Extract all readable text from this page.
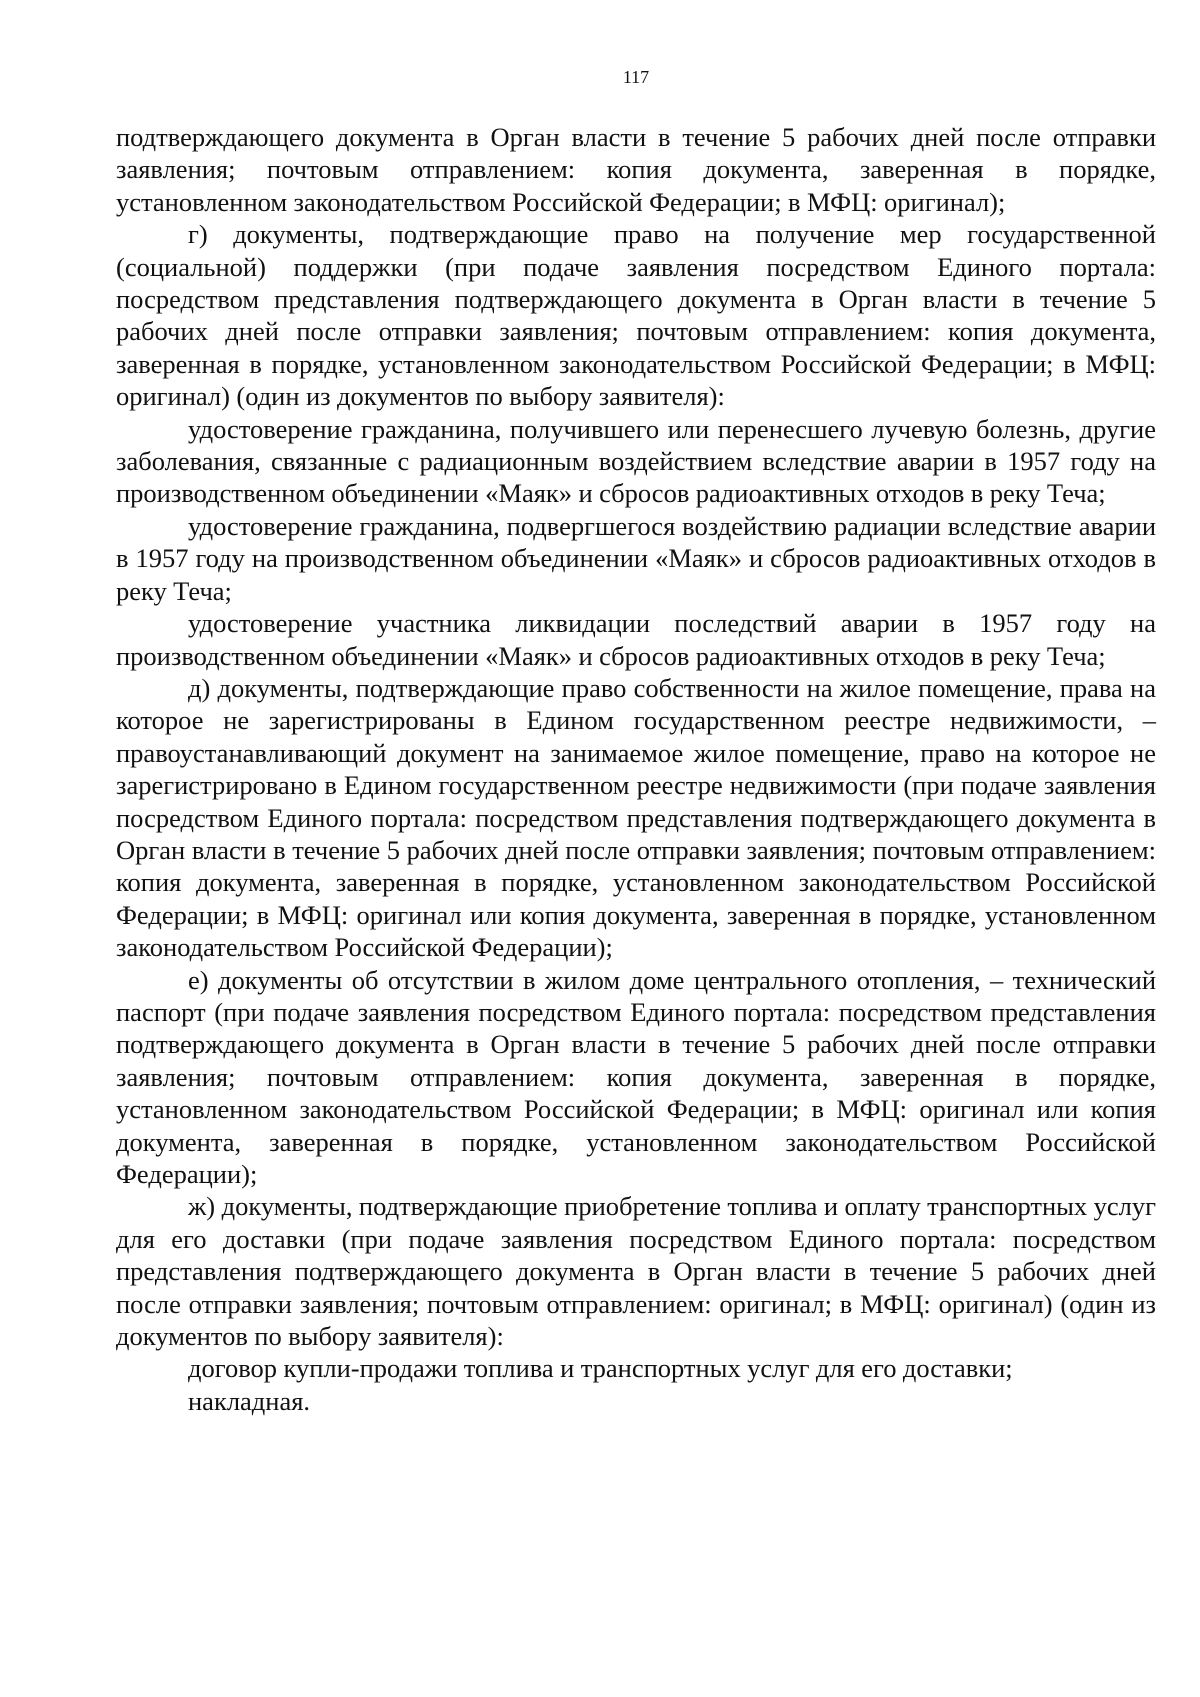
117

подтверждающего документа в Орган власти в течение 5 рабочих дней после отправки заявления; почтовым отправлением: копия документа, заверенная в порядке, установленном законодательством Российской Федерации; в МФЦ: оригинал);

г) документы, подтверждающие право на получение мер государственной (социальной) поддержки (при подаче заявления посредством Единого портала: посредством представления подтверждающего документа в Орган власти в течение 5 рабочих дней после отправки заявления; почтовым отправлением: копия документа, заверенная в порядке, установленном законодательством Российской Федерации; в МФЦ: оригинал) (один из документов по выбору заявителя):

удостоверение гражданина, получившего или перенесшего лучевую болезнь, другие заболевания, связанные с радиационным воздействием вследствие аварии в 1957 году на производственном объединении «Маяк» и сбросов радиоактивных отходов в реку Теча;

удостоверение гражданина, подвергшегося воздействию радиации вследствие аварии в 1957 году на производственном объединении «Маяк» и сбросов радиоактивных отходов в реку Теча;

удостоверение участника ликвидации последствий аварии в 1957 году на производственном объединении «Маяк» и сбросов радиоактивных отходов в реку Теча;

д) документы, подтверждающие право собственности на жилое помещение, права на которое не зарегистрированы в Едином государственном реестре недвижимости, – правоустанавливающий документ на занимаемое жилое помещение, право на которое не зарегистрировано в Едином государственном реестре недвижимости (при подаче заявления посредством Единого портала: посредством представления подтверждающего документа в Орган власти в течение 5 рабочих дней после отправки заявления; почтовым отправлением: копия документа, заверенная в порядке, установленном законодательством Российской Федерации; в МФЦ: оригинал или копия документа, заверенная в порядке, установленном законодательством Российской Федерации);

е) документы об отсутствии в жилом доме центрального отопления, – технический паспорт (при подаче заявления посредством Единого портала: посредством представления подтверждающего документа в Орган власти в течение 5 рабочих дней после отправки заявления; почтовым отправлением: копия документа, заверенная в порядке, установленном законодательством Российской Федерации; в МФЦ: оригинал или копия документа, заверенная в порядке, установленном законодательством Российской Федерации);

ж) документы, подтверждающие приобретение топлива и оплату транспортных услуг для его доставки (при подаче заявления посредством Единого портала: посредством представления подтверждающего документа в Орган власти в течение 5 рабочих дней после отправки заявления; почтовым отправлением: оригинал; в МФЦ: оригинал) (один из документов по выбору заявителя):

договор купли-продажи топлива и транспортных услуг для его доставки;

накладная.
